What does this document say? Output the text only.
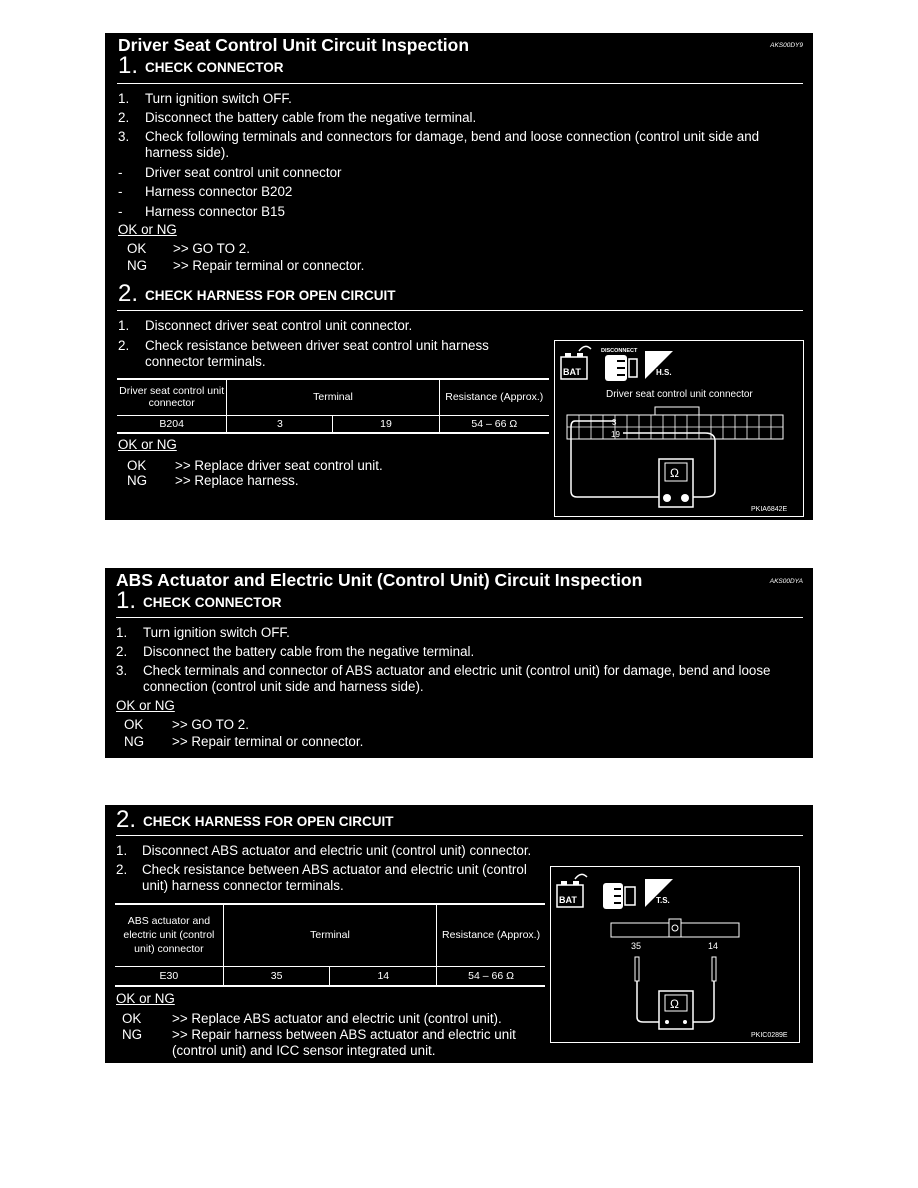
Driver Seat Control Unit Circuit Inspection	AKS00DY9
1. CHECK CONNECTOR
1. Turn ignition switch OFF.
2. Disconnect the battery cable from the negative terminal.
3. Check following terminals and connectors for damage, bend and loose connection (control unit side and harness side).
- Driver seat control unit connector
- Harness connector B202
- Harness connector B15
OK or NG
OK >> GO TO 2.
NG >> Repair terminal or connector.
2. CHECK HARNESS FOR OPEN CIRCUIT
1. Disconnect driver seat control unit connector.
2. Check resistance between driver seat control unit harness connector terminals.
Driver seat control unit connector	Terminal		Resistance (Approx.)
B204	3	19	54 – 66 Ω
OK or NG
OK >> Replace driver seat control unit.
NG >> Replace harness.
BAT
DISCONNECT
H.S.
Driver seat control unit connector
3
19
Ω
PKIA6842E
ABS Actuator and Electric Unit (Control Unit) Circuit Inspection	AKS00DYA
1. CHECK CONNECTOR
1. Turn ignition switch OFF.
2. Disconnect the battery cable from the negative terminal.
3. Check terminals and connector of ABS actuator and electric unit (control unit) for damage, bend and loose connection (control unit side and harness side).
OK or NG
OK >> GO TO 2.
NG >> Repair terminal or connector.
2. CHECK HARNESS FOR OPEN CIRCUIT
1. Disconnect ABS actuator and electric unit (control unit) connector.
2. Check resistance between ABS actuator and electric unit (control unit) harness connector terminals.
ABS actuator and electric unit (control unit) connector	Terminal		Resistance (Approx.)
E30	35	14	54 – 66 Ω
OK or NG
OK >> Replace ABS actuator and electric unit (control unit).
NG >> Repair harness between ABS actuator and electric unit (control unit) and ICC sensor integrated unit.
BAT	T.S.
35	14
Ω
PKIC0289E
